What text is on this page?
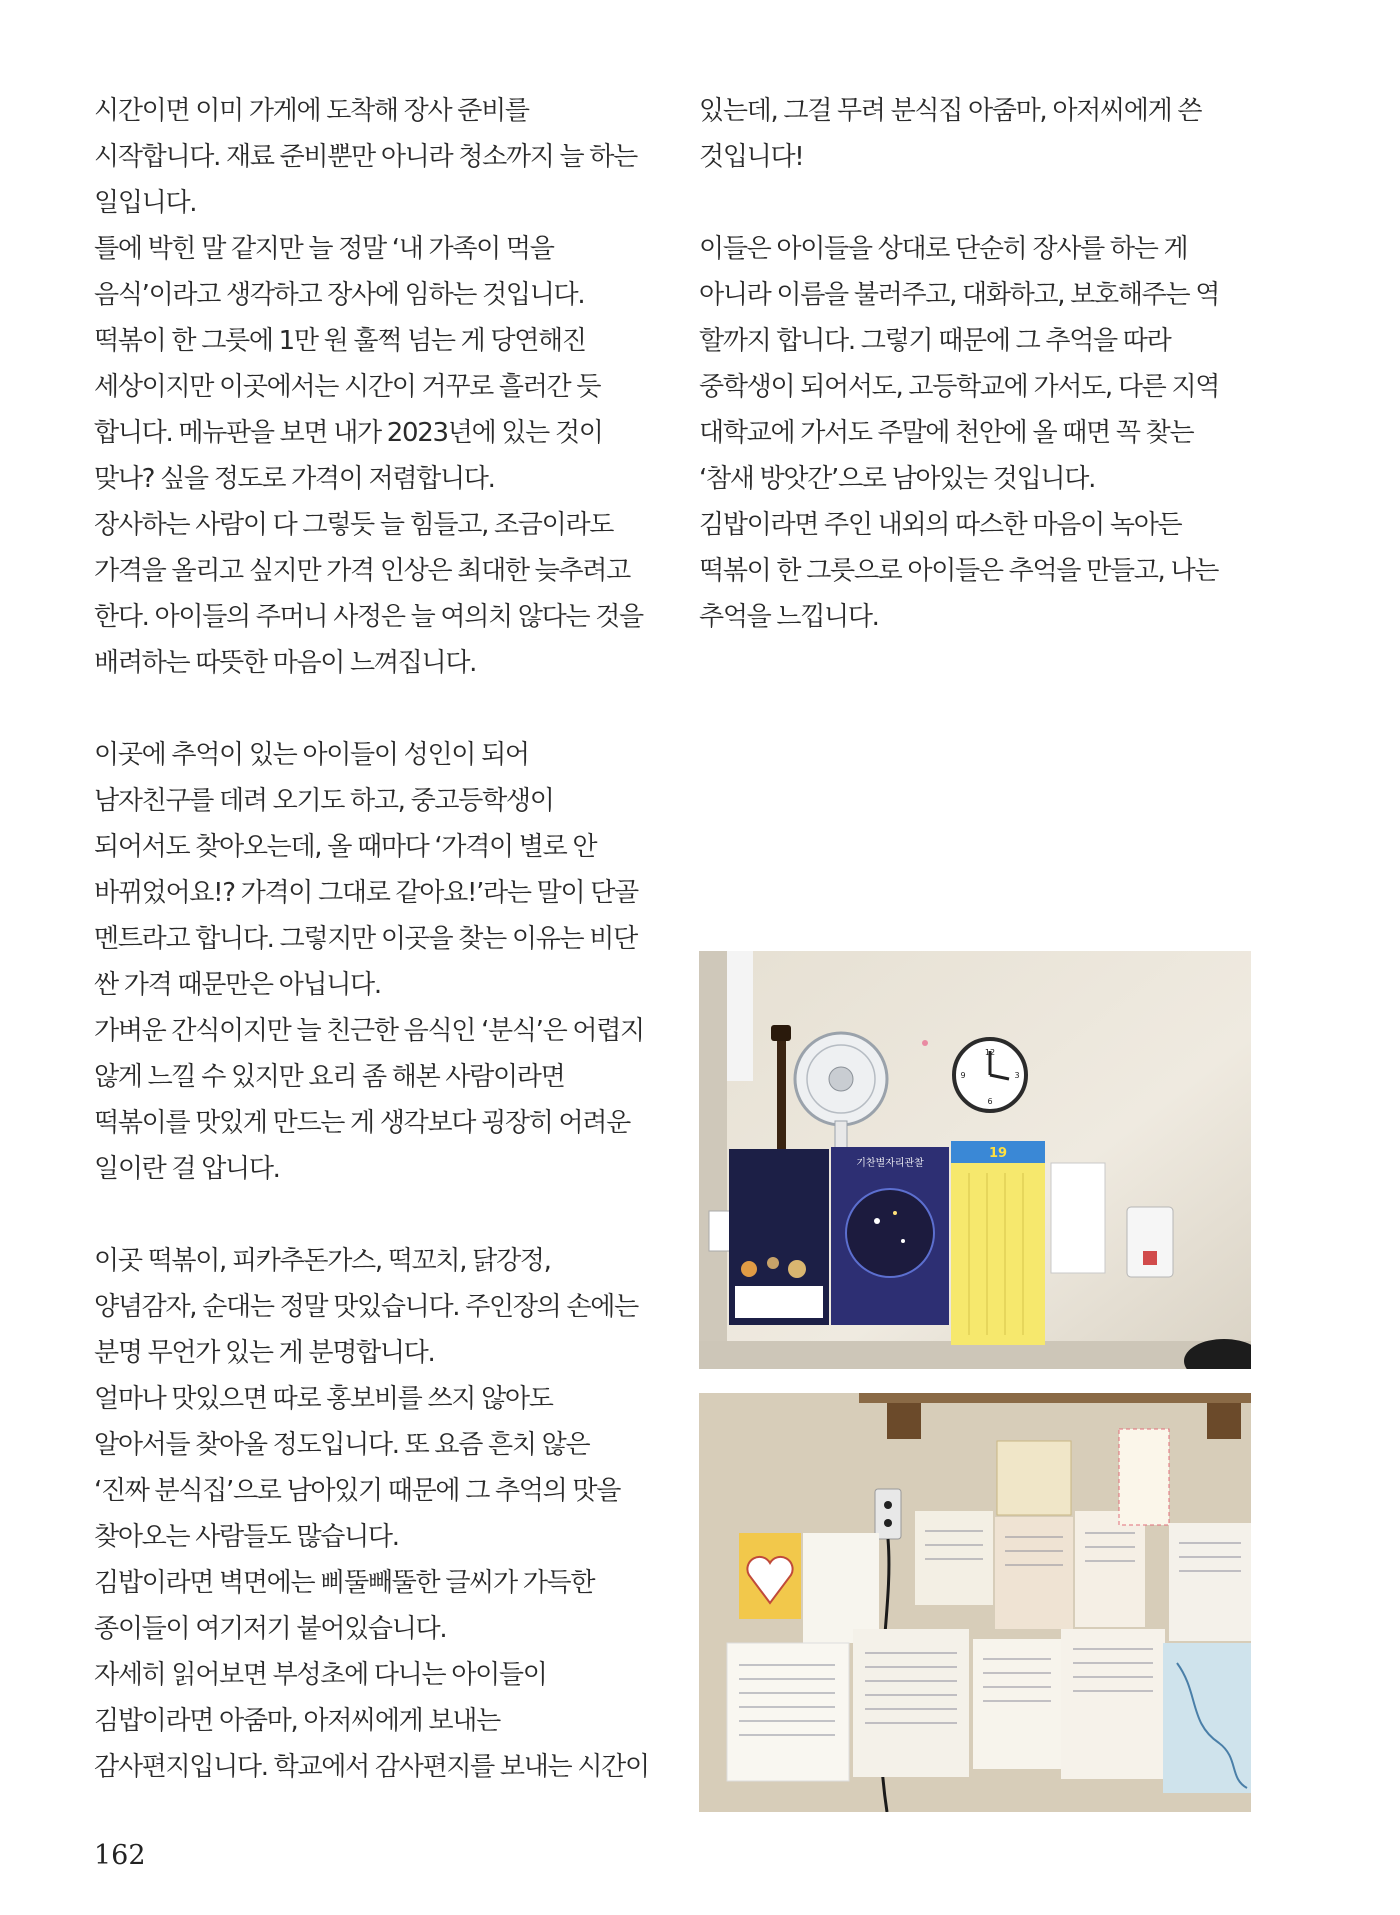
시간이면 이미 가게에 도착해 장사 준비를
시작합니다. 재료 준비뿐만 아니라 청소까지 늘 하는
일입니다.
틀에 박힌 말 같지만 늘 정말 ‘내 가족이 먹을
음식’이라고 생각하고 장사에 임하는 것입니다.
떡볶이 한 그릇에 1만 원 훌쩍 넘는 게 당연해진
세상이지만 이곳에서는 시간이 거꾸로 흘러간 듯
합니다. 메뉴판을 보면 내가 2023년에 있는 것이
맞나? 싶을 정도로 가격이 저렴합니다.
장사하는 사람이 다 그렇듯 늘 힘들고, 조금이라도
가격을 올리고 싶지만 가격 인상은 최대한 늦추려고
한다. 아이들의 주머니 사정은 늘 여의치 않다는 것을
배려하는 따뜻한 마음이 느껴집니다.
이곳에 추억이 있는 아이들이 성인이 되어
남자친구를 데려 오기도 하고, 중고등학생이
되어서도 찾아오는데, 올 때마다 ‘가격이 별로 안
바뀌었어요!? 가격이 그대로 같아요!’라는 말이 단골
멘트라고 합니다. 그렇지만 이곳을 찾는 이유는 비단
싼 가격 때문만은 아닙니다.
가벼운 간식이지만 늘 친근한 음식인 ‘분식’은 어렵지
않게 느낄 수 있지만 요리 좀 해본 사람이라면
떡볶이를 맛있게 만드는 게 생각보다 굉장히 어려운
일이란 걸 압니다.
이곳 떡볶이, 피카추돈가스, 떡꼬치, 닭강정,
양념감자, 순대는 정말 맛있습니다. 주인장의 손에는
분명 무언가 있는 게 분명합니다.
얼마나 맛있으면 따로 홍보비를 쓰지 않아도
알아서들 찾아올 정도입니다. 또 요즘 흔치 않은
‘진짜 분식집’으로 남아있기 때문에 그 추억의 맛을
찾아오는 사람들도 많습니다.
김밥이라면 벽면에는 삐뚤빼뚤한 글씨가 가득한
종이들이 여기저기 붙어있습니다.
자세히 읽어보면 부성초에 다니는 아이들이
김밥이라면 아줌마, 아저씨에게 보내는
감사편지입니다. 학교에서 감사편지를 보내는 시간이
있는데, 그걸 무려 분식집 아줌마, 아저씨에게 쓴
것입니다!
이들은 아이들을 상대로 단순히 장사를 하는 게
아니라 이름을 불러주고, 대화하고, 보호해주는 역
할까지 합니다. 그렇기 때문에 그 추억을 따라
중학생이 되어서도, 고등학교에 가서도, 다른 지역
대학교에 가서도 주말에 천안에 올 때면 꼭 찾는
‘참새 방앗간’으로 남아있는 것입니다.
김밥이라면 주인 내외의 따스한 마음이 녹아든
떡볶이 한 그릇으로 아이들은 추억을 만들고, 나는
추억을 느낍니다.
기찬별자리관찰
19
12
3
6
9
162
